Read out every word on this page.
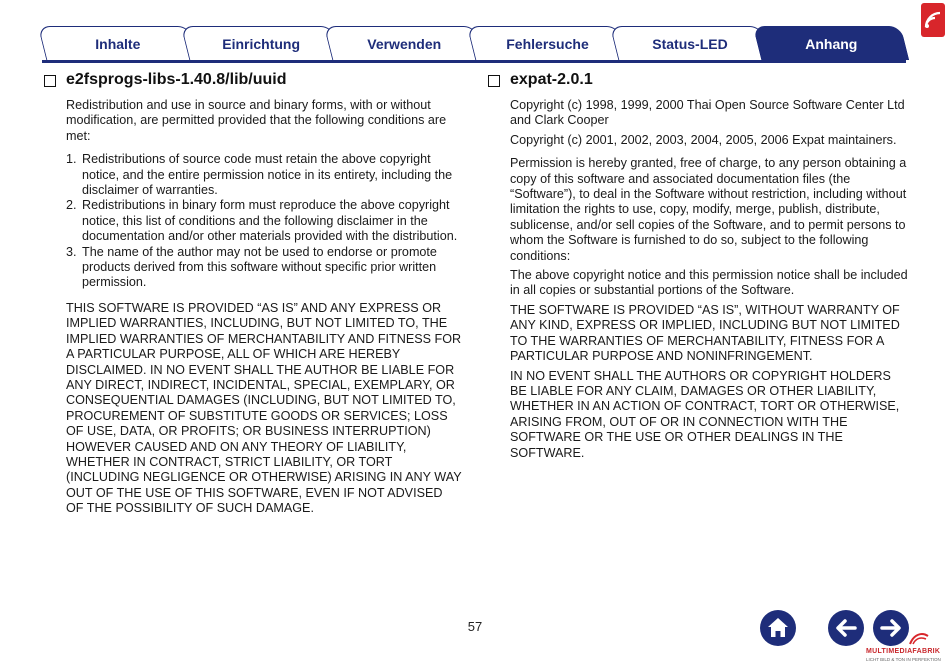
Inhalte	Einrichtung	Verwenden	Fehlersuche	Status-LED	Anhang
e2fsprogs-libs-1.40.8/lib/uuid

Redistribution and use in source and binary forms, with or without modification, are permitted provided that the following conditions are met:

1. Redistributions of source code must retain the above copyright notice, and the entire permission notice in its entirety, including the disclaimer of warranties.
2. Redistributions in binary form must reproduce the above copyright notice, this list of conditions and the following disclaimer in the documentation and/or other materials provided with the distribution.
3. The name of the author may not be used to endorse or promote products derived from this software without specific prior written permission.

THIS SOFTWARE IS PROVIDED “AS IS” AND ANY EXPRESS OR IMPLIED WARRANTIES, INCLUDING, BUT NOT LIMITED TO, THE IMPLIED WARRANTIES OF MERCHANTABILITY AND FITNESS FOR A PARTICULAR PURPOSE, ALL OF WHICH ARE HEREBY DISCLAIMED. IN NO EVENT SHALL THE AUTHOR BE LIABLE FOR ANY DIRECT, INDIRECT, INCIDENTAL, SPECIAL, EXEMPLARY, OR CONSEQUENTIAL DAMAGES (INCLUDING, BUT NOT LIMITED TO, PROCUREMENT OF SUBSTITUTE GOODS OR SERVICES; LOSS OF USE, DATA, OR PROFITS; OR BUSINESS INTERRUPTION) HOWEVER CAUSED AND ON ANY THEORY OF LIABILITY, WHETHER IN CONTRACT, STRICT LIABILITY, OR TORT (INCLUDING NEGLIGENCE OR OTHERWISE) ARISING IN ANY WAY OUT OF THE USE OF THIS SOFTWARE, EVEN IF NOT ADVISED OF THE POSSIBILITY OF SUCH DAMAGE.

expat-2.0.1

Copyright (c) 1998, 1999, 2000 Thai Open Source Software Center Ltd and Clark Cooper

Copyright (c) 2001, 2002, 2003, 2004, 2005, 2006 Expat maintainers.

Permission is hereby granted, free of charge, to any person obtaining a copy of this software and associated documentation files (the “Software”), to deal in the Software without restriction, including without limitation the rights to use, copy, modify, merge, publish, distribute, sublicense, and/or sell copies of the Software, and to permit persons to whom the Software is furnished to do so, subject to the following conditions:

The above copyright notice and this permission notice shall be included in all copies or substantial portions of the Software.

THE SOFTWARE IS PROVIDED “AS IS”, WITHOUT WARRANTY OF ANY KIND, EXPRESS OR IMPLIED, INCLUDING BUT NOT LIMITED TO THE WARRANTIES OF MERCHANTABILITY, FITNESS FOR A PARTICULAR PURPOSE AND NONINFRINGEMENT.

IN NO EVENT SHALL THE AUTHORS OR COPYRIGHT HOLDERS BE LIABLE FOR ANY CLAIM, DAMAGES OR OTHER LIABILITY, WHETHER IN AN ACTION OF CONTRACT, TORT OR OTHERWISE, ARISING FROM, OUT OF OR IN CONNECTION WITH THE SOFTWARE OR THE USE OR OTHER DEALINGS IN THE SOFTWARE.

57
MULTIMEDIAFABRIK
LICHT BILD & TON IN PERFEKTION
